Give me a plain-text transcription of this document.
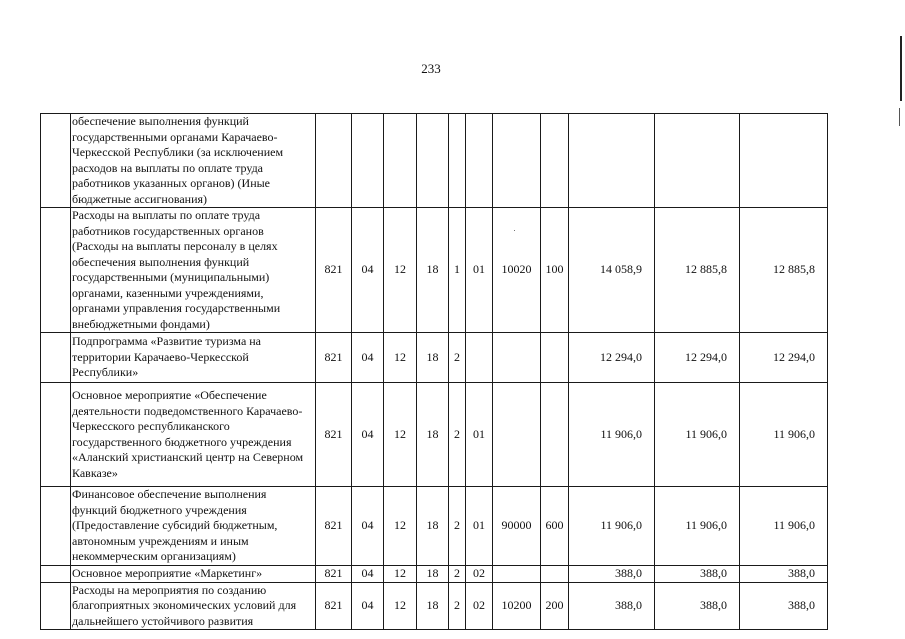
233
обеспечение выполнения функций государственными органами Карачаево-Черкесской Республики (за исключением расходов на выплаты по оплате труда работников указанных органов) (Иные бюджетные ассигнования)											

Расходы на выплаты по оплате труда работников государственных органов (Расходы на выплаты персоналу в целях обеспечения выполнения функций государственными (муниципальными) органами, казенными учреждениями, органами управления государственными внебюджетными фондами)	821	04	12	18	1	01	10020	100	14 058,9	12 885,8	12 885,8

Подпрограмма «Развитие туризма на территории Карачаево-Черкесской Республики»	821	04	12	18	2				12 294,0	12 294,0	12 294,0

Основное мероприятие «Обеспечение деятельности подведомственного Карачаево-Черкесского республиканского государственного бюджетного учреждения «Аланский христианский центр на Северном Кавказе»	821	04	12	18	2	01			11 906,0	11 906,0	11 906,0

Финансовое обеспечение выполнения функций бюджетного учреждения (Предоставление субсидий бюджетным, автономным учреждениям и иным некоммерческим организациям)	821	04	12	18	2	01	90000	600	11 906,0	11 906,0	11 906,0

Основное мероприятие «Маркетинг»	821	04	12	18	2	02			388,0	388,0	388,0

Расходы на мероприятия по созданию благоприятных экономических условий для дальнейшего устойчивого развития	821	04	12	18	2	02	10200	200	388,0	388,0	388,0
